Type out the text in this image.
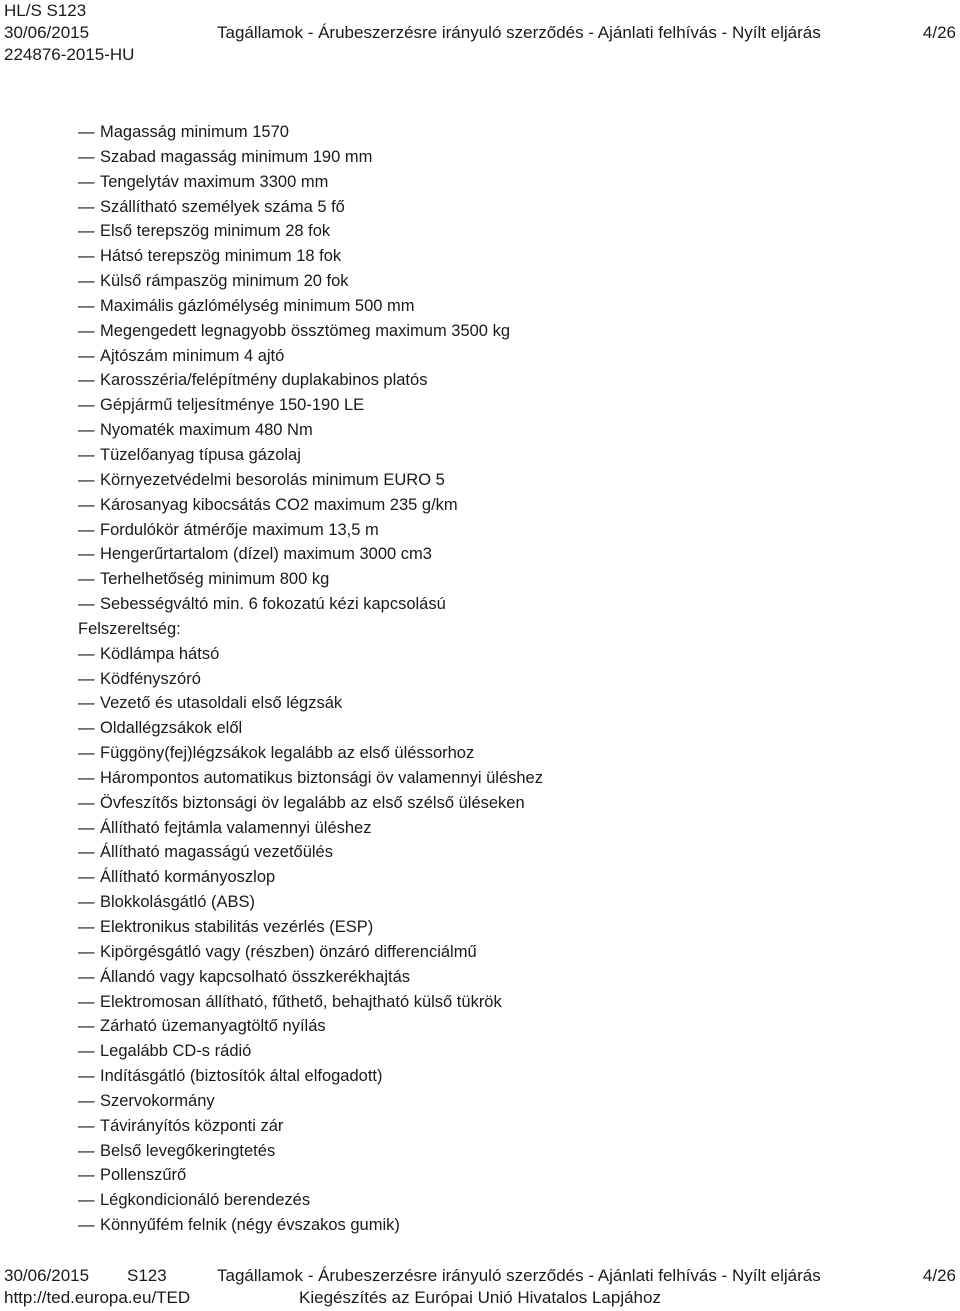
HL/S S123
30/06/2015	Tagállamok - Árubeszerzésre irányuló szerződés - Ajánlati felhívás - Nyílt eljárás	4/26
224876-2015-HU
— Magasság minimum 1570
— Szabad magasság minimum 190 mm
— Tengelytáv maximum 3300 mm
— Szállítható személyek száma 5 fő
— Első terepszög minimum 28 fok
— Hátsó terepszög minimum 18 fok
— Külső rámpaszög minimum 20 fok
— Maximális gázlómélység minimum 500 mm
— Megengedett legnagyobb össztömeg maximum 3500 kg
— Ajtószám minimum 4 ajtó
— Karosszéria/felépítmény duplakabinos platós
— Gépjármű teljesítménye 150-190 LE
— Nyomaték maximum 480 Nm
— Tüzelőanyag típusa gázolaj
— Környezetvédelmi besorolás minimum EURO 5
— Károsanyag kibocsátás CO2 maximum 235 g/km
— Fordulókör átmérője maximum 13,5 m
— Hengerűrtartalom (dízel) maximum 3000 cm3
— Terhelhetőség minimum 800 kg
— Sebességváltó min. 6 fokozatú kézi kapcsolású
Felszereltség:
— Ködlámpa hátsó
— Ködfényszóró
— Vezető és utasoldali első légzsák
— Oldallégzsákok elől
— Függöny(fej)légzsákok legalább az első üléssorhoz
— Hárompontos automatikus biztonsági öv valamennyi üléshez
— Övfeszítős biztonsági öv legalább az első szélső üléseken
— Állítható fejtámla valamennyi üléshez
— Állítható magasságú vezetőülés
— Állítható kormányoszlop
— Blokkolásgátló (ABS)
— Elektronikus stabilitás vezérlés (ESP)
— Kipörgésgátló vagy (részben) önzáró differenciálmű
— Állandó vagy kapcsolható összkerékhajtás
— Elektromosan állítható, fűthető, behajtható külső tükrök
— Zárható üzemanyagtöltő nyílás
— Legalább CD-s rádió
— Indításgátló (biztosítók által elfogadott)
— Szervokormány
— Távirányítós központi zár
— Belső levegőkeringtetés
— Pollenszűrő
— Légkondicionáló berendezés
— Könnyűfém felnik (négy évszakos gumik)
30/06/2015 S123	Tagállamok - Árubeszerzésre irányuló szerződés - Ajánlati felhívás - Nyílt eljárás	4/26
http://ted.europa.eu/TED	Kiegészítés az Európai Unió Hivatalos Lapjához
